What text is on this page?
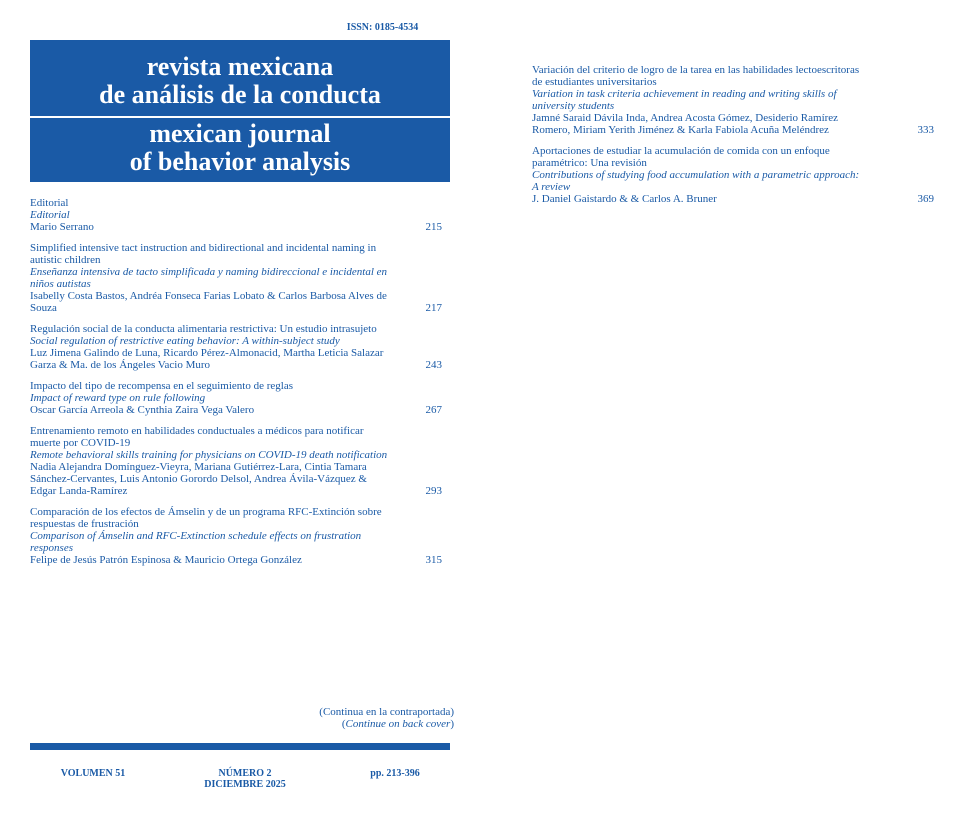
ISSN: 0185-4534
revista mexicana
de análisis de la conducta
mexican journal
of behavior analysis
Editorial
Editorial
Mario Serrano	215
Simplified intensive tact instruction and bidirectional and incidental naming in autistic children
Enseñanza intensiva de tacto simplificada y naming bidireccional e incidental en niños autistas
Isabelly Costa Bastos, Andréa Fonseca Farias Lobato & Carlos Barbosa Alves de Souza	217
Regulación social de la conducta alimentaria restrictiva: Un estudio intrasujeto
Social regulation of restrictive eating behavior: A within-subject study
Luz Jimena Galindo de Luna, Ricardo Pérez-Almonacid, Martha Leticia Salazar Garza & Ma. de los Ángeles Vacio Muro	243
Impacto del tipo de recompensa en el seguimiento de reglas
Impact of reward type on rule following
Oscar García Arreola & Cynthia Zaira Vega Valero	267
Entrenamiento remoto en habilidades conductuales a médicos para notificar muerte por COVID-19
Remote behavioral skills training for physicians on COVID-19 death notification
Nadia Alejandra Domínguez-Vieyra, Mariana Gutiérrez-Lara, Cintia Tamara Sánchez-Cervantes, Luis Antonio Gorordo Delsol, Andrea Ávila-Vázquez & Edgar Landa-Ramírez	293
Comparación de los efectos de Ámselin y de un programa RFC-Extinción sobre respuestas de frustración
Comparison of Ámselin and RFC-Extinction schedule effects on frustration responses
Felipe de Jesús Patrón Espinosa & Mauricio Ortega González	315
Variación del criterio de logro de la tarea en las habilidades lectoescritoras de estudiantes universitarios
Variation in task criteria achievement in reading and writing skills of university students
Jamné Saraid Dávila Inda, Andrea Acosta Gómez, Desiderio Ramírez Romero, Miriam Yerith Jiménez & Karla Fabiola Acuña Meléndrez	333
Aportaciones de estudiar la acumulación de comida con un enfoque paramétrico: Una revisión
Contributions of studying food accumulation with a parametric approach: A review
J. Daniel Gaistardo & & Carlos A. Bruner	369
(Continua en la contraportada)
(Continue on back cover)
VOLUMEN 51	NÚMERO 2
DICIEMBRE 2025
pp. 213-396
